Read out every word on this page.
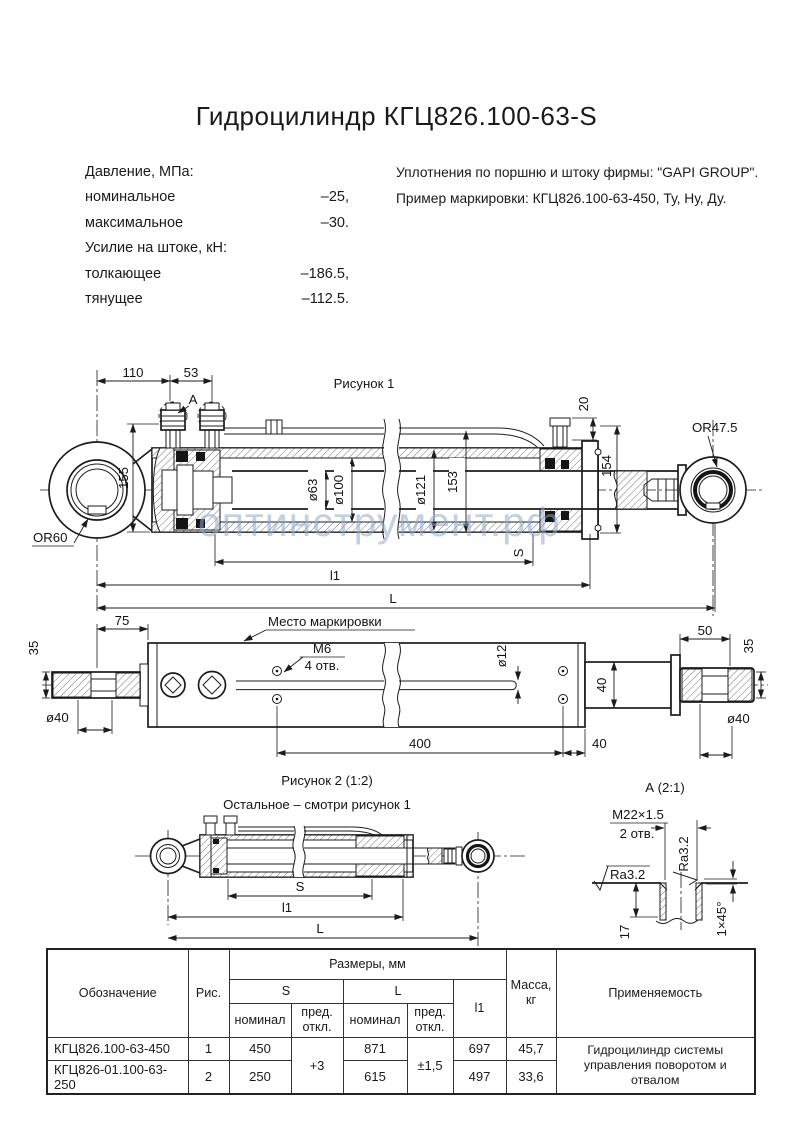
Гидроцилиндр КГЦ826.100-63-S
Давление, МПа:
номинальное	–25,
максимальное	–30.
Усилие на штоке, кН:
толкающее	–186.5,
тянущее	–112.5.
Уплотнения по поршню и штоку фирмы: "GAPI GROUP".
Пример маркировки: КГЦ826.100-63-450, Ту, Ну, Ду.
оптинструмент.рф
Рисунок 1
110	53
А
155
20
154
ø63 ø100	ø121 153
OR60
OR47.5
S
l1
L
75	Место маркировки
35
ø40
М6
4 отв.	ø12
40
400	40
50
35
ø40
Рисунок 2 (1:2)
Остальное – смотри рисунок 1
S
l1
L
А (2:1)
M22×1.5
2 отв.
Ra3.2
Ra3.2
17	1×45°
Обозначение	Рис.	Размеры, мм					Масса, кг	Применяемость
		S		L		l1		
		номинал	пред. откл.	номинал	пред. откл.			
КГЦ826.100-63-450	1	450	+3	871	±1,5	697	45,7	Гидроцилиндр системы управления поворотом и отвалом
КГЦ826-01.100-63-250	2	250		615		497	33,6	
